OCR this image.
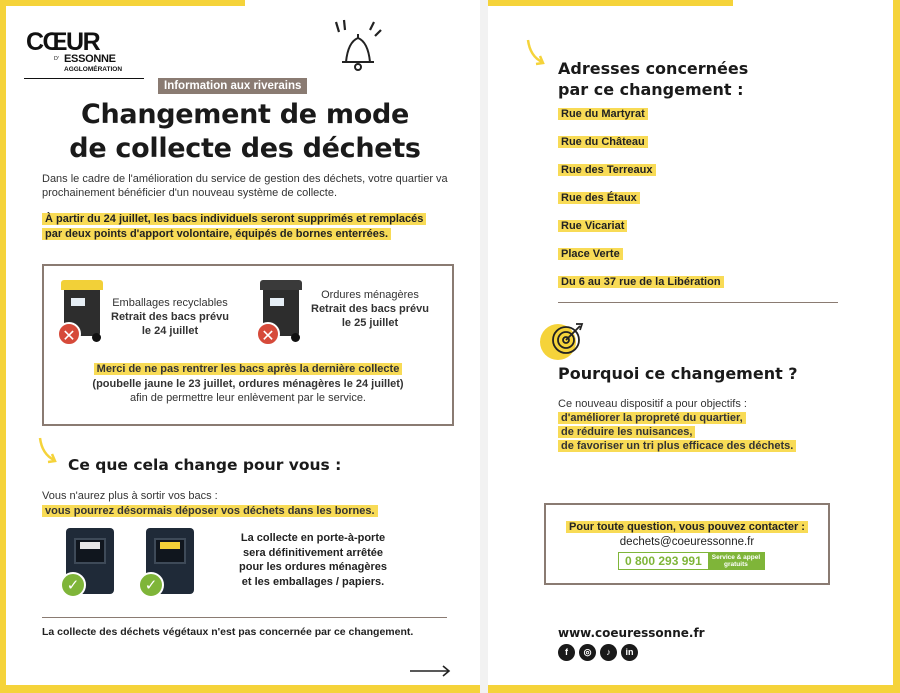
CŒUR
D' ESSONNE
AGGLOMÉRATION
Information aux riverains
Changement de mode
de collecte des déchets

Dans le cadre de l'amélioration du service de gestion des déchets, votre quartier va prochainement bénéficier d'un nouveau système de collecte.

À partir du 24 juillet, les bacs individuels seront supprimés et remplacés
par deux points d'apport volontaire, équipés de bornes enterrées.
✕
Emballages recyclables
Retrait des bacs prévu
le 24 juillet	✕
Ordures ménagères
Retrait des bacs prévu
le 25 juillet
Merci de ne pas rentrer les bacs après la dernière collecte
(poubelle jaune le 23 juillet, ordures ménagères le 24 juillet)
afin de permettre leur enlèvement par le service.
Ce que cela change pour vous :
Vous n'aurez plus à sortir vos bacs :
vous pourrez désormais déposer vos déchets dans les bornes.
✓	✓
La collecte en porte-à-porte
sera définitivement arrêtée
pour les ordures ménagères
et les emballages / papiers.
La collecte des déchets végétaux n'est pas concernée par ce changement.
Adresses concernées
par ce changement :
Rue du Martyrat
Rue du Château
Rue des Terreaux
Rue des Étaux
Rue Vicariat
Place Verte
Du 6 au 37 rue de la Libération
Pourquoi ce changement ?
Ce nouveau dispositif a pour objectifs :
d'améliorer la propreté du quartier,
de réduire les nuisances,
de favoriser un tri plus efficace des déchets.
Pour toute question, vous pouvez contacter :
dechets@coeuressonne.fr
0 800 293 991	Service & appel
gratuits
www.coeuressonne.fr
f	◎	♪	in
